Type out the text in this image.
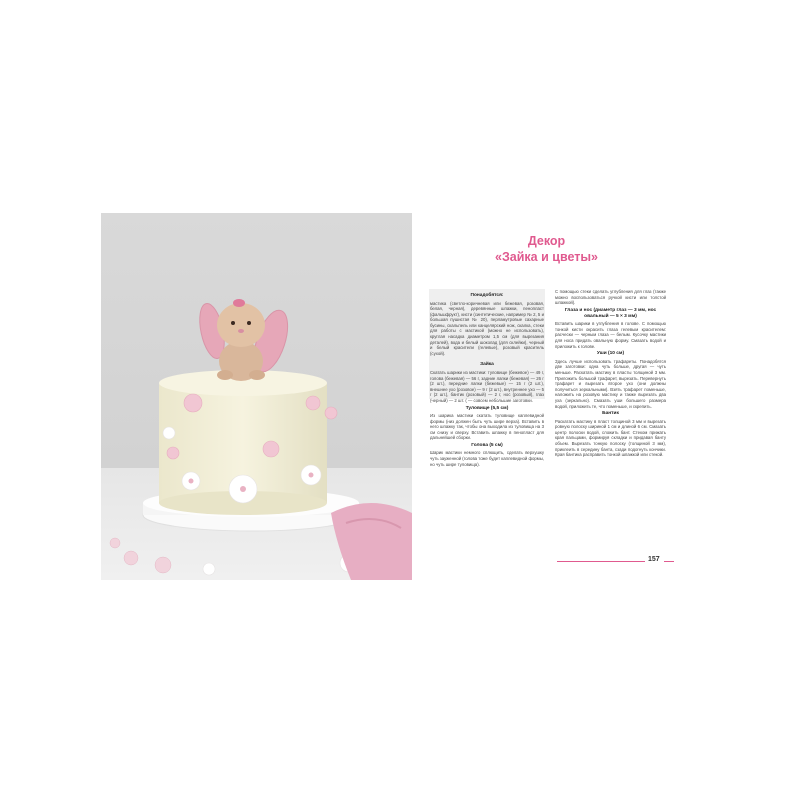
Декор
«Зайка и цветы»
Понадобятся:

мастика (светло-коричневая или бежевая, розовая, белая, черная), деревянные шпажки, пенопласт (фальшфрукт), кисти (синтетические, например № 2, 5 и большая пушистая № 20), перламутровые сахарные бусины, скальпель или канцелярский нож, скалка, стеки для работы с мастикой (можно не использовать), круглая насадка диаметром 1,5 см (для вырезания деталей), вода и белый шоколад (для склейки), черный и белый красители (гелевые), розовый краситель (сухой).

Зайка

Скатать шарики из мастики: туловище (бежевое) — 49 г, голова (бежевая) — 56 г, задние лапки (бежевая) — 26 г (2 шт.), передние лапки (бежевые) — 15 г (2 шт.), внешнее ухо (розовое) — 9 г (2 шт.), внутреннее ухо — 5 г (2 шт.), бантик (розовый) — 2 г, нос (розовый), глаз (черный) — 2 шт. ( — совсем небольшие заготовки.

Туловище (5,5 см)

Из шарика мастики скатать туловище каплевидной формы (низ должен быть чуть шире верха). Вставить в него шпажку так, чтобы она выходила из туловища на 3 см снизу и сверху. Вставить шпажку в пенопласт для дальнейшей сборки.

Голова (5 см)

Шарик мастики немного сплющить, сделать верхушку чуть зауженной (голова тоже будет каплевидной формы, но чуть шире туловища).

С помощью стеки сделать углубления для глаз (также можно воспользоваться ручкой кисти или толстой шпажкой).

Глаза и нос (диаметр глаз — 3 мм, нос овальный — 5 × 3 мм)

Вставить шарики в углубления в голове. С помощью тонкой кисти окрасить глаза гелевым красителем: расчески — черным глаза — белым. Кусочку мастики для носа придать овальную форму. Смазать водой и приложить к голове.

Уши (10 см)

Здесь лучше использовать трафареты. Понадобятся две заготовки: одна чуть больше, другая — чуть меньше. Раскатать мастику в пласты толщиной 3 мм. Приложить большой трафарет, вырезать. Перевернуть трафарет и вырезать второе ухо (они должны получиться зеркальными). Взять трафарет поменьше, наложить на розовую мастику и также вырезать два уха (зеркально). Смазать уши большего размера водой, приложить те, что поменьше, и скрепить.

Бантик

Раскатать мастику в пласт толщиной 3 мм и вырезать ровную полоску шириной 1 см и длиной 6 см. Смазать центр полоски водой, сложить бант. Стеком прижать края пальцами, формируя складки и придавая банту объем. Вырезать тонкую полоску (толщиной 3 мм), приклеить в середину банта, сзади подогнуть кончики. Края бантика расправить тонкой шпажкой или стекой.

157
